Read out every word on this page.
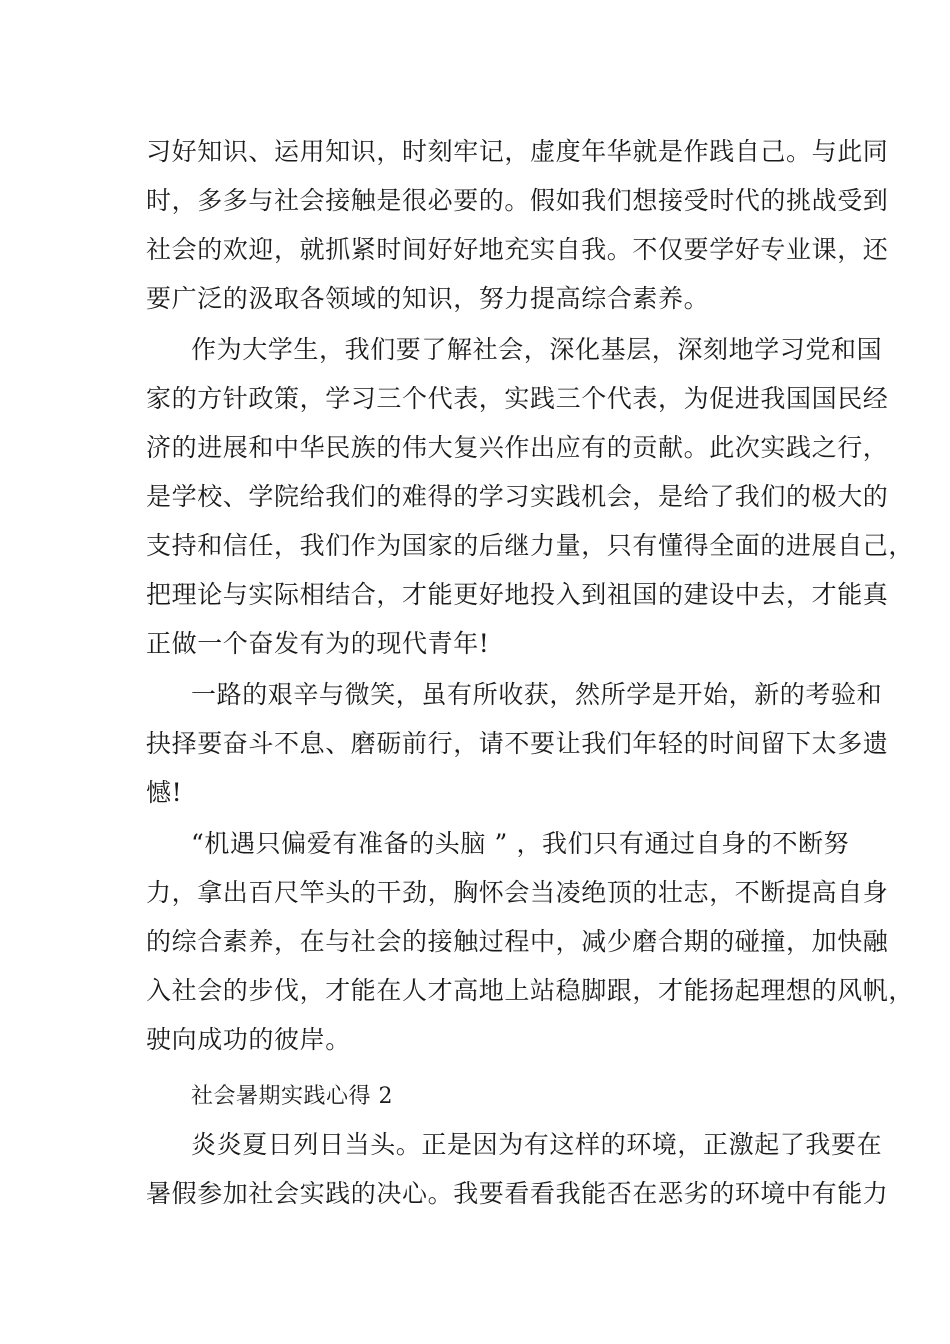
习好知识、运用知识，时刻牢记，虚度年华就是作践自己。与此同
时，多多与社会接触是很必要的。假如我们想接受时代的挑战受到
社会的欢迎，就抓紧时间好好地充实自我。不仅要学好专业课，还
要广泛的汲取各领域的知识，努力提高综合素养。
作为大学生，我们要了解社会，深化基层，深刻地学习党和国
家的方针政策，学习三个代表，实践三个代表，为促进我国国民经
济的进展和中华民族的伟大复兴作出应有的贡献。此次实践之行，
是学校、学院给我们的难得的学习实践机会，是给了我们的极大的
支持和信任，我们作为国家的后继力量，只有懂得全面的进展自己，
把理论与实际相结合，才能更好地投入到祖国的建设中去，才能真
正做一个奋发有为的现代青年!
一路的艰辛与微笑，虽有所收获，然所学是开始，新的考验和
抉择要奋斗不息、磨砺前行，请不要让我们年轻的时间留下太多遗
憾!
“机遇只偏爱有准备的头脑 ” ，我们只有通过自身的不断努
力，拿出百尺竿头的干劲，胸怀会当凌绝顶的壮志，不断提高自身
的综合素养，在与社会的接触过程中，减少磨合期的碰撞，加快融
入社会的步伐，才能在人才高地上站稳脚跟，才能扬起理想的风帆，
驶向成功的彼岸。
社会暑期实践心得 2
炎炎夏日列日当头。正是因为有这样的环境，正激起了我要在
暑假参加社会实践的决心。我要看看我能否在恶劣的环境中有能力
